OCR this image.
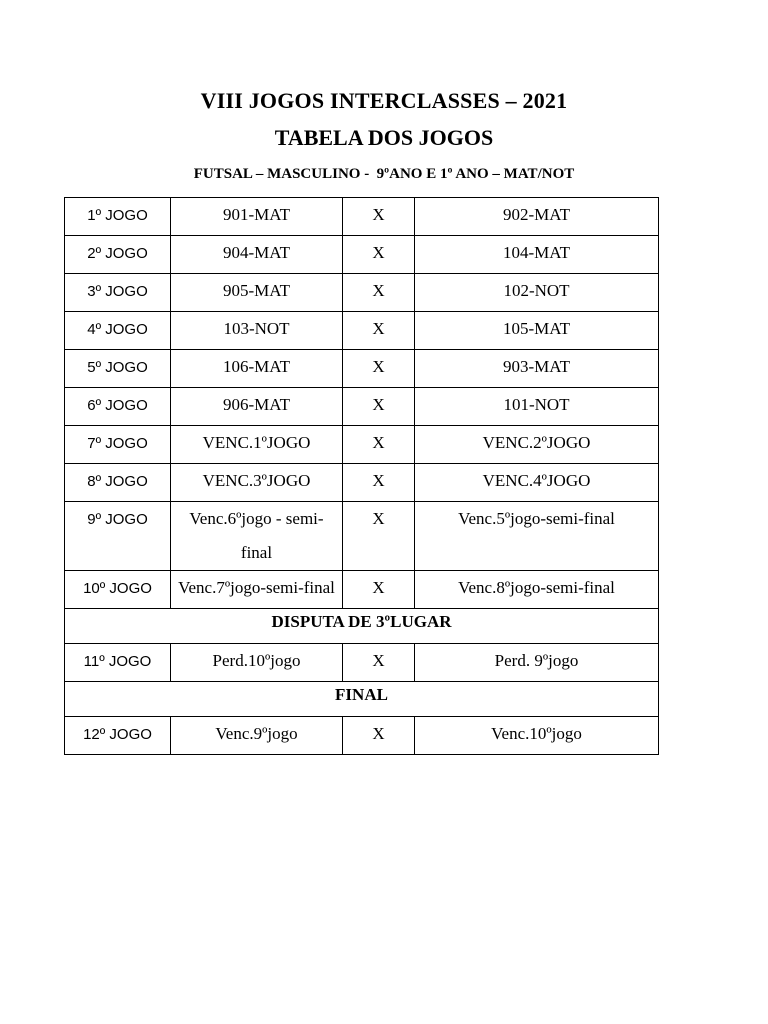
VIII JOGOS INTERCLASSES – 2021
TABELA DOS JOGOS
FUTSAL – MASCULINO -  9ºANO E 1º ANO – MAT/NOT
1º JOGO	901-MAT	X	902-MAT
2º JOGO	904-MAT	X	104-MAT
3º JOGO	905-MAT	X	102-NOT
4º JOGO	103-NOT	X	105-MAT
5º JOGO	106-MAT	X	903-MAT
6º JOGO	906-MAT	X	101-NOT
7º JOGO	VENC.1ºJOGO	X	VENC.2ºJOGO
8º JOGO	VENC.3ºJOGO	X	VENC.4ºJOGO
9º JOGO	Venc.6ºjogo - semi-final	X	Venc.5ºjogo-semi-final
10º JOGO	Venc.7ºjogo-semi-final	X	Venc.8ºjogo-semi-final
DISPUTA DE 3ºLUGAR			
11º JOGO	Perd.10ºjogo	X	Perd. 9ºjogo
FINAL			
12º JOGO	Venc.9ºjogo	X	Venc.10ºjogo
